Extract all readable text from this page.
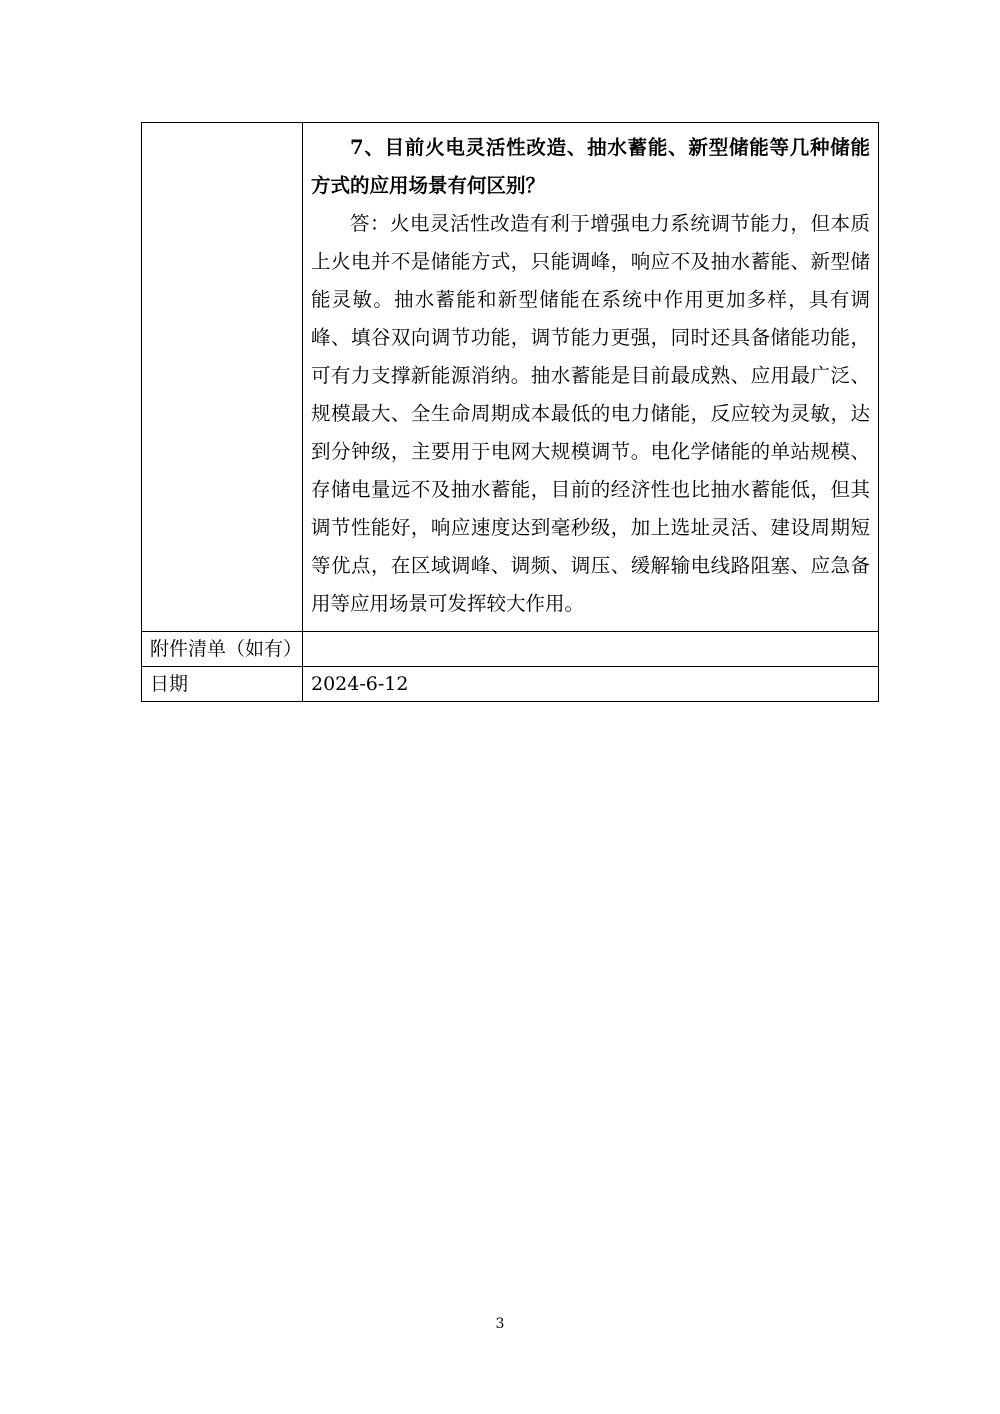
	7、目前火电灵活性改造、抽水蓄能、新型储能等几种储能方式的应用场景有何区别？

答：火电灵活性改造有利于增强电力系统调节能力，但本质上火电并不是储能方式，只能调峰，响应不及抽水蓄能、新型储能灵敏。抽水蓄能和新型储能在系统中作用更加多样，具有调峰、填谷双向调节功能，调节能力更强，同时还具备储能功能，可有力支撑新能源消纳。抽水蓄能是目前最成熟、应用最广泛、规模最大、全生命周期成本最低的电力储能，反应较为灵敏，达到分钟级，主要用于电网大规模调节。电化学储能的单站规模、存储电量远不及抽水蓄能，目前的经济性也比抽水蓄能低，但其调节性能好，响应速度达到毫秒级，加上选址灵活、建设周期短等优点，在区域调峰、调频、调压、缓解输电线路阻塞、应急备用等应用场景可发挥较大作用。

附件清单（如有）	
日期	2024-6-12
3
